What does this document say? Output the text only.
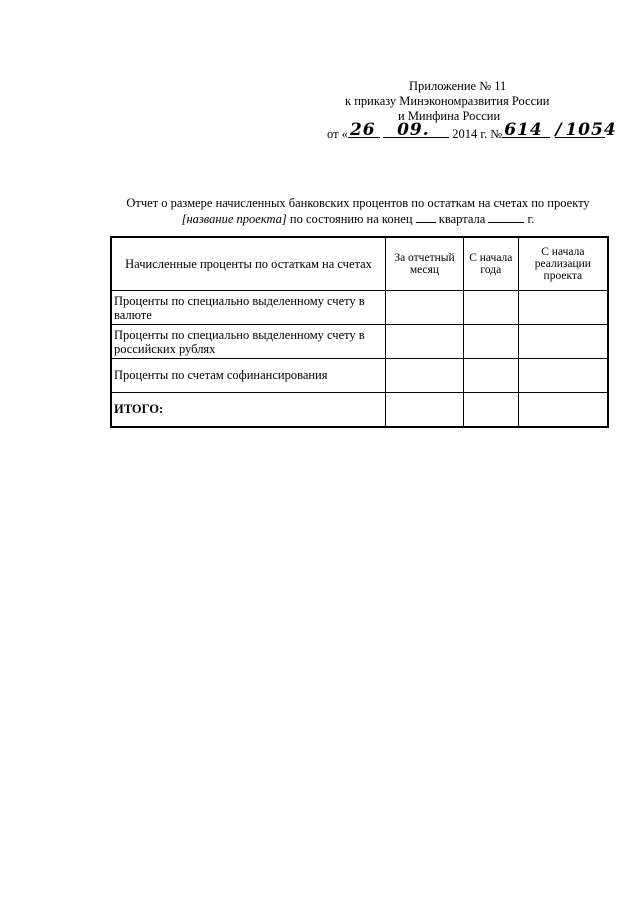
Приложение № 11
к приказу Минэкономразвития России
и Минфина России
от « 26
09. 2014 г. № 614
/ 1054
Отчет о размере начисленных банковских процентов по остаткам на счетах по проекту
[название проекта] по состоянию на конец квартала	г.
Начисленные проценты по остаткам на счетах	За отчетный месяц	С начала года	С начала реализации проекта
Проценты по специально выделенному счету в валюте			
Проценты по специально выделенному счету в российских рублях			
Проценты по счетам софинансирования			
ИТОГО:			
